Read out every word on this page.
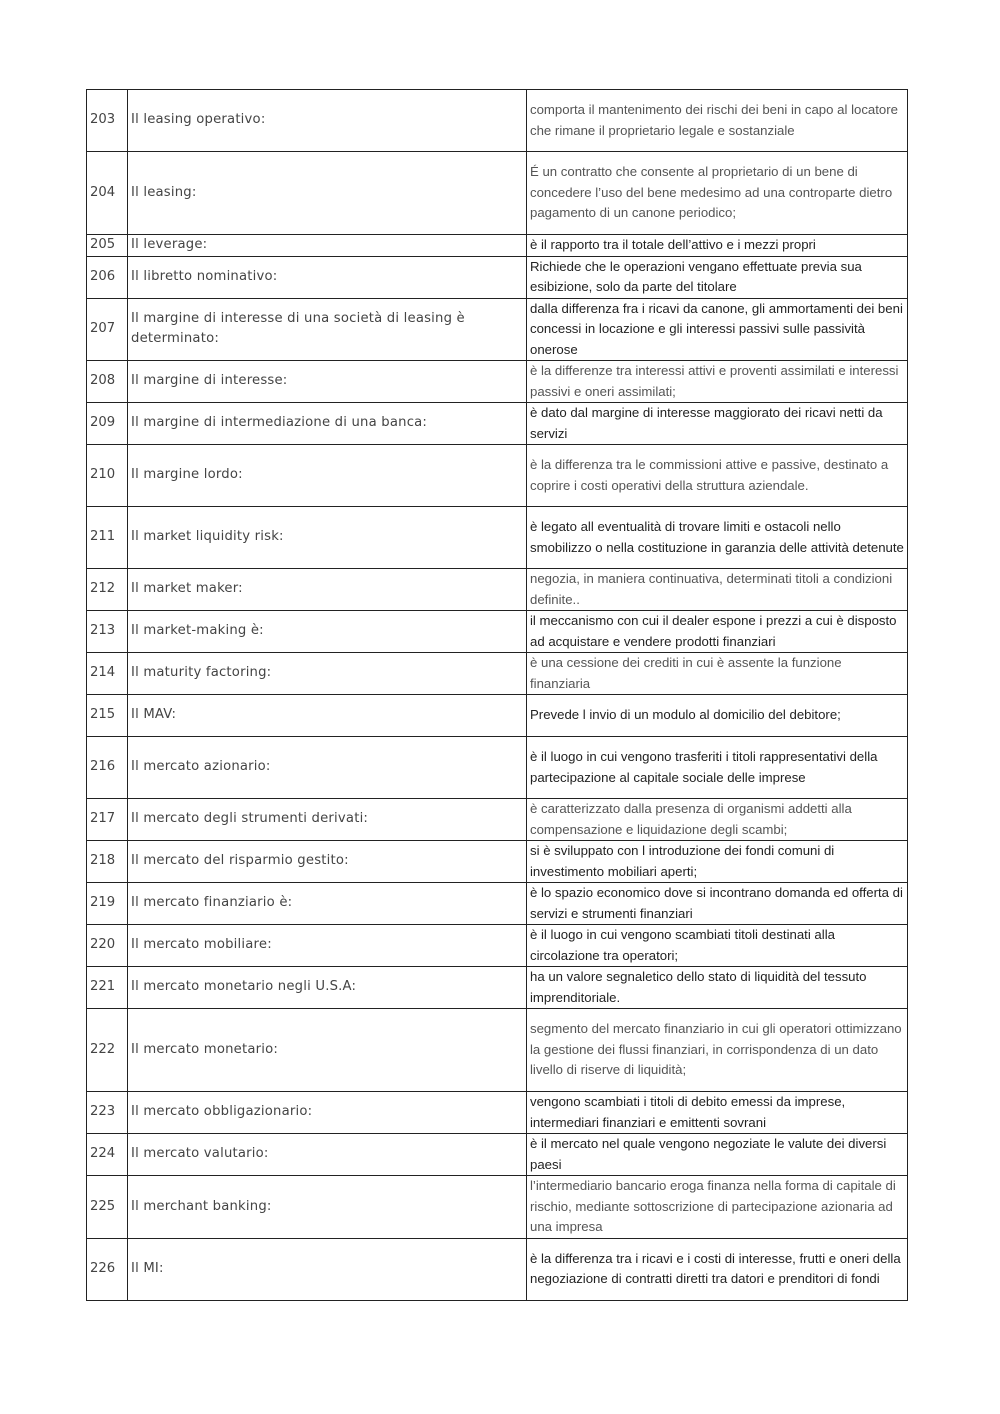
203	Il leasing operativo:	comporta il mantenimento dei rischi dei beni in capo al locatore che rimane il proprietario legale e sostanziale
204	Il leasing:	É un contratto che consente al proprietario di un bene di concedere l’uso del bene medesimo ad una controparte dietro pagamento di un canone periodico;
205	Il leverage:	è il rapporto tra il totale dell’attivo e i mezzi propri
206	Il libretto nominativo:	Richiede che le operazioni vengano effettuate previa sua esibizione, solo da parte del titolare
207	Il margine di interesse di una società di leasing è determinato:	dalla differenza fra i ricavi da canone, gli ammortamenti dei beni concessi in locazione e gli interessi passivi sulle passività onerose
208	Il margine di interesse:	è la differenze tra interessi attivi e proventi assimilati e interessi passivi e oneri assimilati;
209	Il margine di intermediazione di una banca:	è dato dal margine di interesse maggiorato dei ricavi netti da servizi
210	Il margine lordo:	è la differenza tra le commissioni attive e passive, destinato a coprire i costi operativi della struttura aziendale.
211	Il market liquidity risk:	è legato all eventualità di trovare limiti e ostacoli nello smobilizzo o nella costituzione in garanzia delle attività detenute
212	Il market maker:	negozia, in maniera continuativa, determinati titoli a condizioni definite..
213	Il market-making è:	il meccanismo con cui il dealer espone i prezzi a cui è disposto ad acquistare e vendere prodotti finanziari
214	Il maturity factoring:	è una cessione dei crediti in cui è assente la funzione finanziaria
215	Il MAV:	Prevede l invio di un modulo al domicilio del debitore;
216	Il mercato azionario:	è il luogo in cui vengono trasferiti i titoli rappresentativi della partecipazione al capitale sociale delle imprese
217	Il mercato degli strumenti derivati:	è caratterizzato dalla presenza di organismi addetti alla compensazione e liquidazione degli scambi;
218	Il mercato del risparmio gestito:	si è sviluppato con l introduzione dei fondi comuni di investimento mobiliari aperti;
219	Il mercato finanziario è:	è lo spazio economico dove si incontrano domanda ed offerta di servizi e strumenti finanziari
220	Il mercato mobiliare:	è il luogo in cui vengono scambiati titoli destinati alla circolazione tra operatori;
221	Il mercato monetario negli U.S.A:	ha un valore segnaletico dello stato di liquidità del tessuto imprenditoriale.
222	Il mercato monetario:	segmento del mercato finanziario in cui gli operatori ottimizzano la gestione dei flussi finanziari, in corrispondenza di un dato livello di riserve di liquidità;
223	Il mercato obbligazionario:	vengono scambiati i titoli di debito emessi da imprese, intermediari finanziari e emittenti sovrani
224	Il mercato valutario:	è il mercato nel quale vengono negoziate le valute dei diversi paesi
225	Il merchant banking:	l’intermediario bancario eroga finanza nella forma di capitale di rischio, mediante sottoscrizione di partecipazione azionaria ad una impresa
226	Il MI:	è la differenza tra i ricavi e i costi di interesse, frutti e oneri della negoziazione di contratti diretti tra datori e prenditori di fondi
